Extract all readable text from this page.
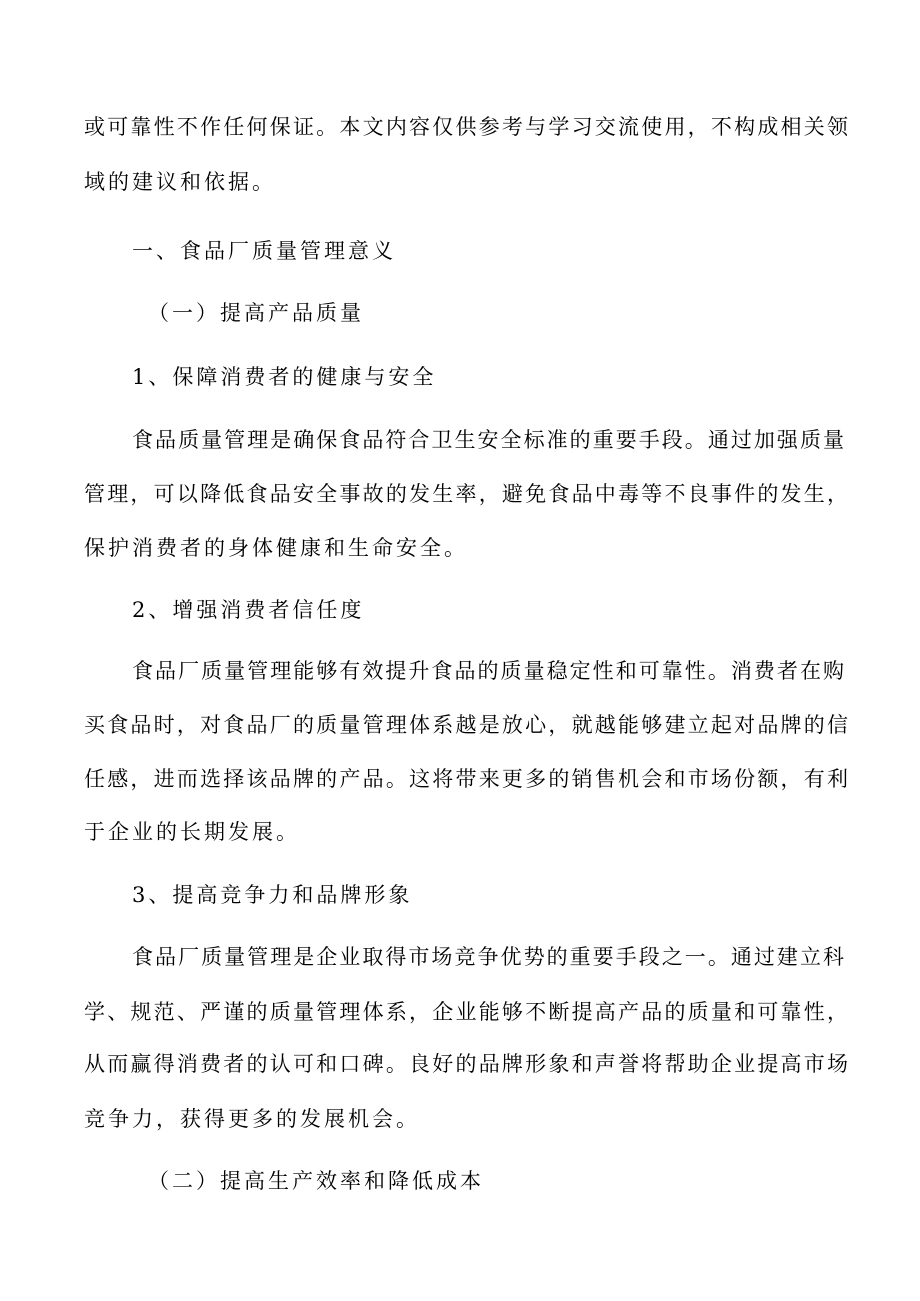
或可靠性不作任何保证。本文内容仅供参考与学习交流使用，不构成相关领
域的建议和依据。
一、食品厂质量管理意义
（一）提高产品质量
1、保障消费者的健康与安全
食品质量管理是确保食品符合卫生安全标准的重要手段。通过加强质量
管理，可以降低食品安全事故的发生率，避免食品中毒等不良事件的发生，
保护消费者的身体健康和生命安全。
2、增强消费者信任度
食品厂质量管理能够有效提升食品的质量稳定性和可靠性。消费者在购
买食品时，对食品厂的质量管理体系越是放心，就越能够建立起对品牌的信
任感，进而选择该品牌的产品。这将带来更多的销售机会和市场份额，有利
于企业的长期发展。
3、提高竞争力和品牌形象
食品厂质量管理是企业取得市场竞争优势的重要手段之一。通过建立科
学、规范、严谨的质量管理体系，企业能够不断提高产品的质量和可靠性，
从而赢得消费者的认可和口碑。良好的品牌形象和声誉将帮助企业提高市场
竞争力，获得更多的发展机会。
（二）提高生产效率和降低成本
